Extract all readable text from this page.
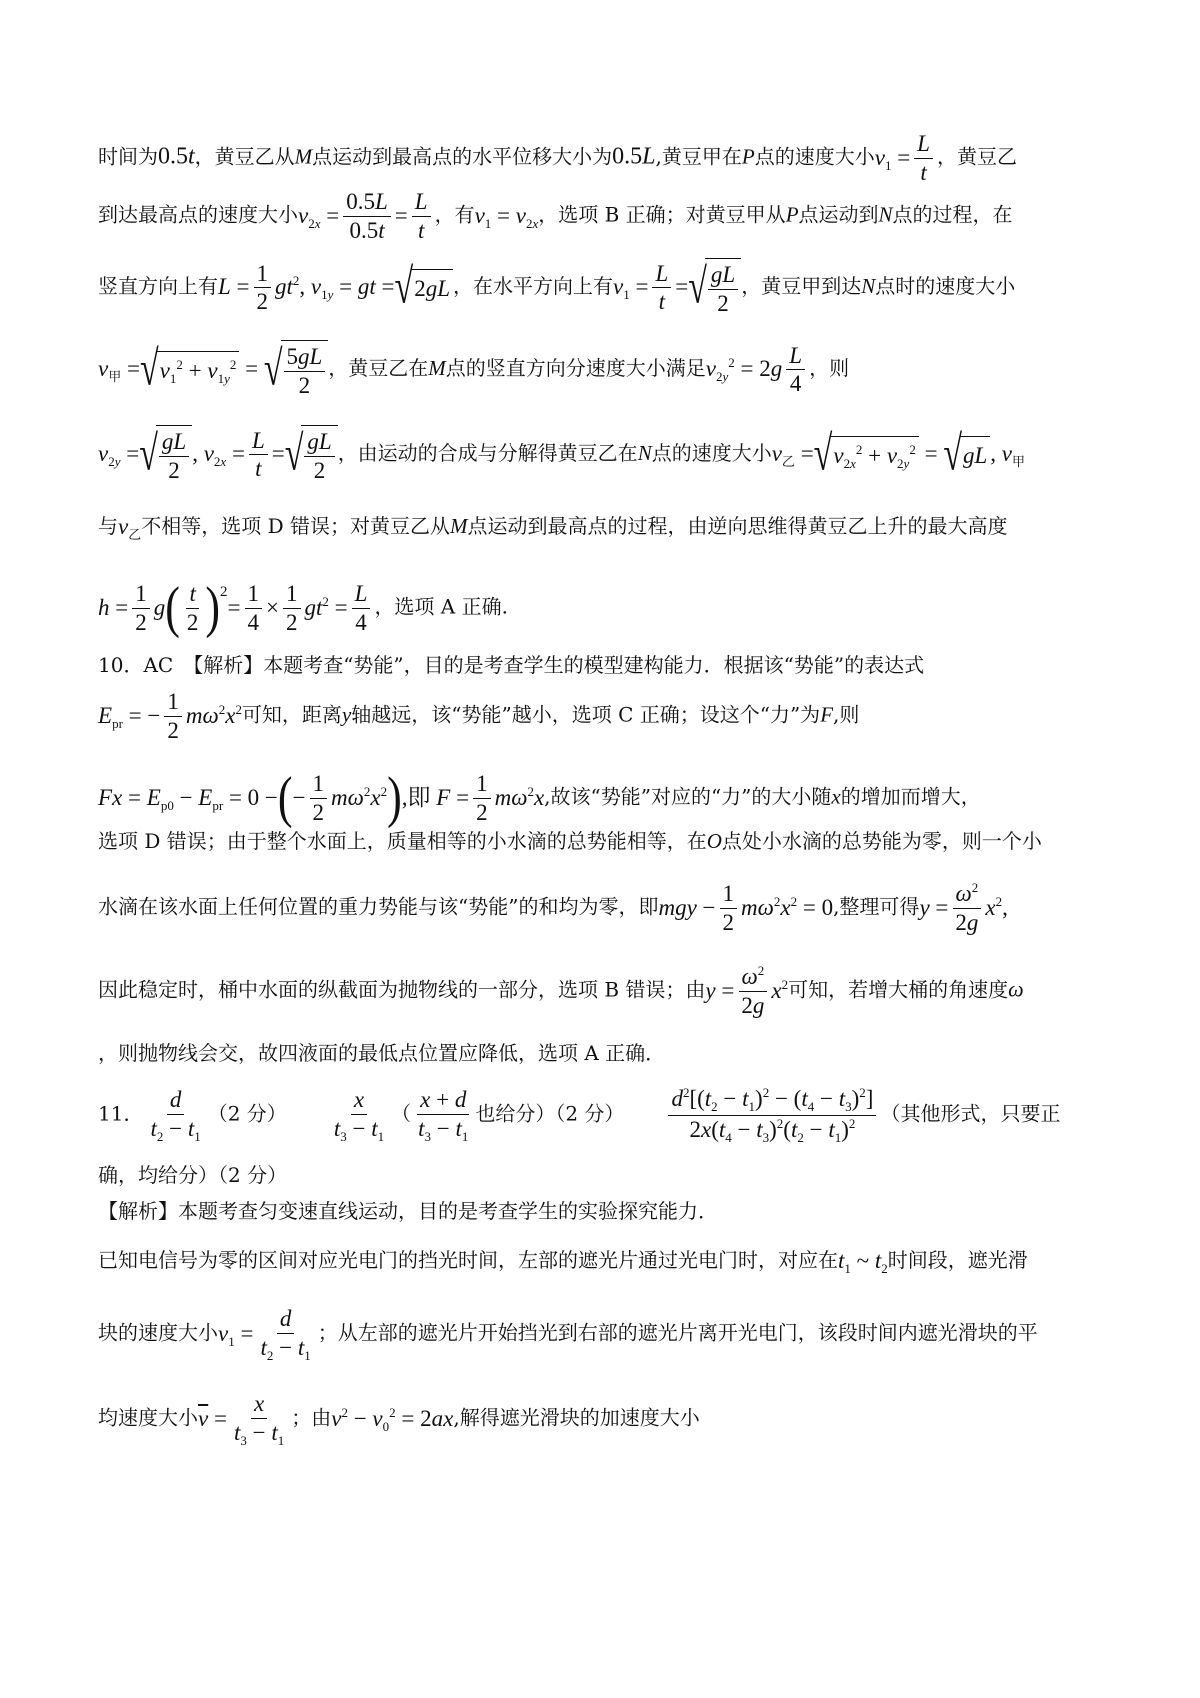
时间为0.5t，黄豆乙从M点运动到最高点的水平位移大小为0.5L,黄豆甲在P点的速度大小$v_1 = \frac{L}{t}$ ，黄豆乙
到达最高点的速度大小$v_{2x} = \frac{0.5L}{0.5t} = \frac{L}{t}$ ，有$v_1 = v_{2x}$，选项 B 正确；对黄豆甲从P点运动到N点的过程，在
竖直方向上有$L = \frac{1}{2} gt^2$, $v_{1y}$ = gt = √ 2gL ，在水平方向上有$v_1 = \frac{L}{t}$ = √ $\frac{gL}{2}$ ，黄豆甲到达N点时的速度大小
$v_甲$ = √ $v_1^2 + v_{1y}^2$ = √ $\frac{5gL}{2}$ ，黄豆乙在M点的竖直方向分速度大小满足$v_{2y}^2 = 2g \frac{L}{4}$ ，则
$v_{2y}$ = √ $\frac{gL}{2}$ , $v_{2x} = \frac{L}{t}$ = √ $\frac{gL}{2}$ ，由运动的合成与分解得黄豆乙在N点的速度大小$v_乙$ = √ $v_{2x}^2 + v_{2y}^2$ = √ gL , $v_甲$
与$v_乙$不相等，选项 D 错误；对黄豆乙从M点运动到最高点的过程，由逆向思维得黄豆乙上升的最大高度
$h = \frac{1}{2} g( \frac{t}{2} )2= \frac{1}{4} \times \frac{1}{2} gt^2 = \frac{L}{4}$ ，选项 A 正确.
10．AC　【解析】本题考查“势能”，目的是考查学生的模型建构能力．根据该“势能”的表达式
$E_{pr}$ = − $\frac{1}{2} m\omega^2x^2$可知，距离y轴越远，该“势能”越小，选项 C 正确；设这个“力”为F,则
$Fx = E_{p0} - E_{pr} = 0$ −(− $\frac{1}{2} m\omega^2x^2$),即 $F = \frac{1}{2} m\omega^2x$,故该“势能”对应的“力”的大小随x的增加而增大，
选项 D 错误；由于整个水面上，质量相等的小水滴的总势能相等，在O点处小水滴的总势能为零，则一个小
水滴在该水面上任何位置的重力势能与该“势能”的和均为零，即mgy − $\frac{1}{2} m\omega^2x^2 = 0$,整理可得$y = \frac{\omega^2}{2g} x^2$,
因此稳定时，桶中水面的纵截面为抛物线的一部分，选项 B 错误；由$y = \frac{\omega^2}{2g} x^2$可知，若增大桶的角速度ω
，则抛物线会交，故四液面的最低点位置应降低，选项 A 正确．
11． $\frac{d}{t_2 - t_1} (2$ 分） $\frac{x}{t_3 - t_1}$ （ $\frac{x + d}{t_3 - t_1}$ 也给分）（2 分） $\frac{d^2[(t_2 - t_1)^2 - (t_4 - t_3)^2]}{2x(t_4 - t_3)^2(t_2 - t_1)^2}$ （其他形式，只要正
确，均给分）（2 分）
【解析】本题考查匀变速直线运动，目的是考查学生的实验探究能力．
已知电信号为零的区间对应光电门的挡光时间，左部的遮光片通过光电门时，对应在$t_1$ ~ $t_2$时间段，遮光滑
块的速度大小$v_1 = \frac{d}{t_2 - t_1}$ ；从左部的遮光片开始挡光到右部的遮光片离开光电门，该段时间内遮光滑块的平
均速度大小$\overline{v} = \frac{x}{t_3 - t_1}$ ；由$v^2 - v_0^2 = 2ax$,解得遮光滑块的加速度大小
